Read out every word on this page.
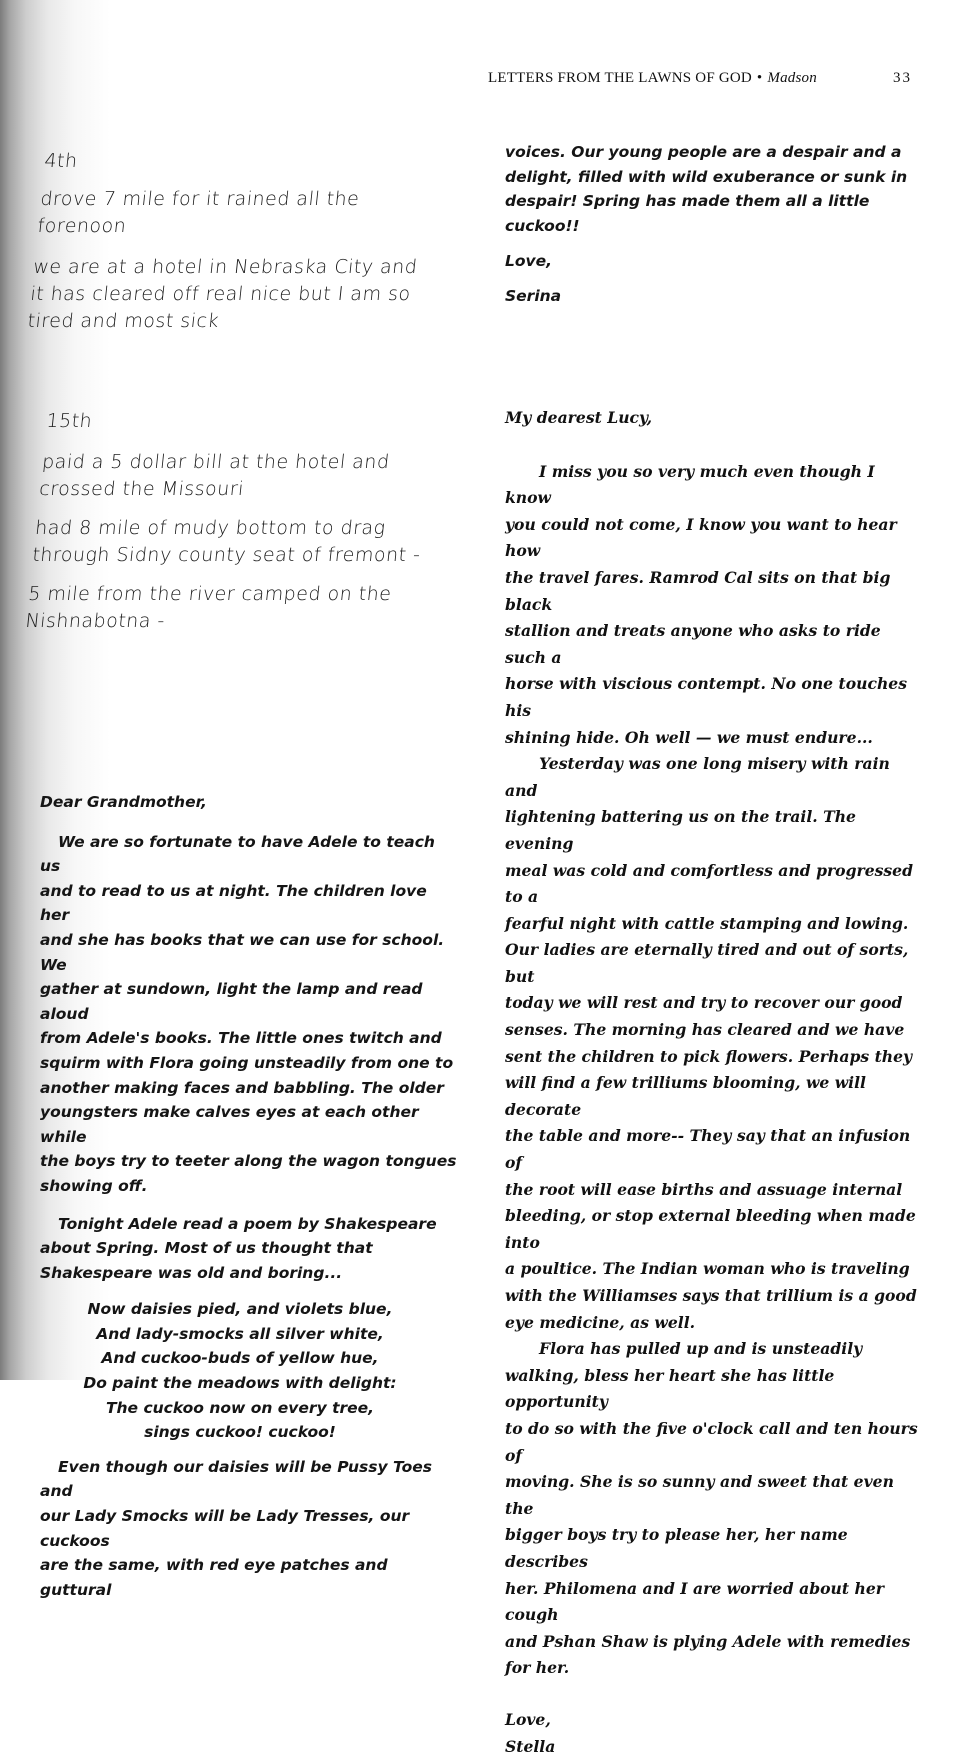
LETTERS FROM THE LAWNS OF GOD • Madson	33

4th

drove 7 mile for it rained all the

forenoon

we are at a hotel in Nebraska City and

it has cleared off real nice but I am so

tired and most sick

15th

paid a 5 dollar bill at the hotel and

crossed the Missouri

had 8 mile of mudy bottom to drag

through Sidny county seat of fremont -

5 mile from the river camped on the

Nishnabotna -

Dear Grandmother,

We are so fortunate to have Adele to teach us

and to read to us at night. The children love her

and she has books that we can use for school. We

gather at sundown, light the lamp and read aloud

from Adele's books. The little ones twitch and

squirm with Flora going unsteadily from one to

another making faces and babbling. The older

youngsters make calves eyes at each other while

the boys try to teeter along the wagon tongues

showing off.

Tonight Adele read a poem by Shakespeare

about Spring. Most of us thought that

Shakespeare was old and boring...

Now daisies pied, and violets blue,

And lady-smocks all silver white,

And cuckoo-buds of yellow hue,

Do paint the meadows with delight:

The cuckoo now on every tree,

sings cuckoo! cuckoo!

Even though our daisies will be Pussy Toes and

our Lady Smocks will be Lady Tresses, our cuckoos

are the same, with red eye patches and guttural

voices. Our young people are a despair and a

delight, filled with wild exuberance or sunk in

despair! Spring has made them all a little cuckoo!!

Love,

Serina

My dearest Lucy,

I miss you so very much even though I know

you could not come, I know you want to hear how

the travel fares. Ramrod Cal sits on that big black

stallion and treats anyone who asks to ride such a

horse with viscious contempt. No one touches his

shining hide. Oh well — we must endure...

Yesterday was one long misery with rain and

lightening battering us on the trail. The evening

meal was cold and comfortless and progressed to a

fearful night with cattle stamping and lowing.

Our ladies are eternally tired and out of sorts, but

today we will rest and try to recover our good

senses. The morning has cleared and we have

sent the children to pick flowers. Perhaps they

will find a few trilliums blooming, we will decorate

the table and more-- They say that an infusion of

the root will ease births and assuage internal

bleeding, or stop external bleeding when made into

a poultice. The Indian woman who is traveling

with the Williamses says that trillium is a good

eye medicine, as well.

Flora has pulled up and is unsteadily

walking, bless her heart she has little opportunity

to do so with the five o'clock call and ten hours of

moving. She is so sunny and sweet that even the

bigger boys try to please her, her name describes

her. Philomena and I are worried about her cough

and Pshan Shaw is plying Adele with remedies

for her.

Love,

Stella
